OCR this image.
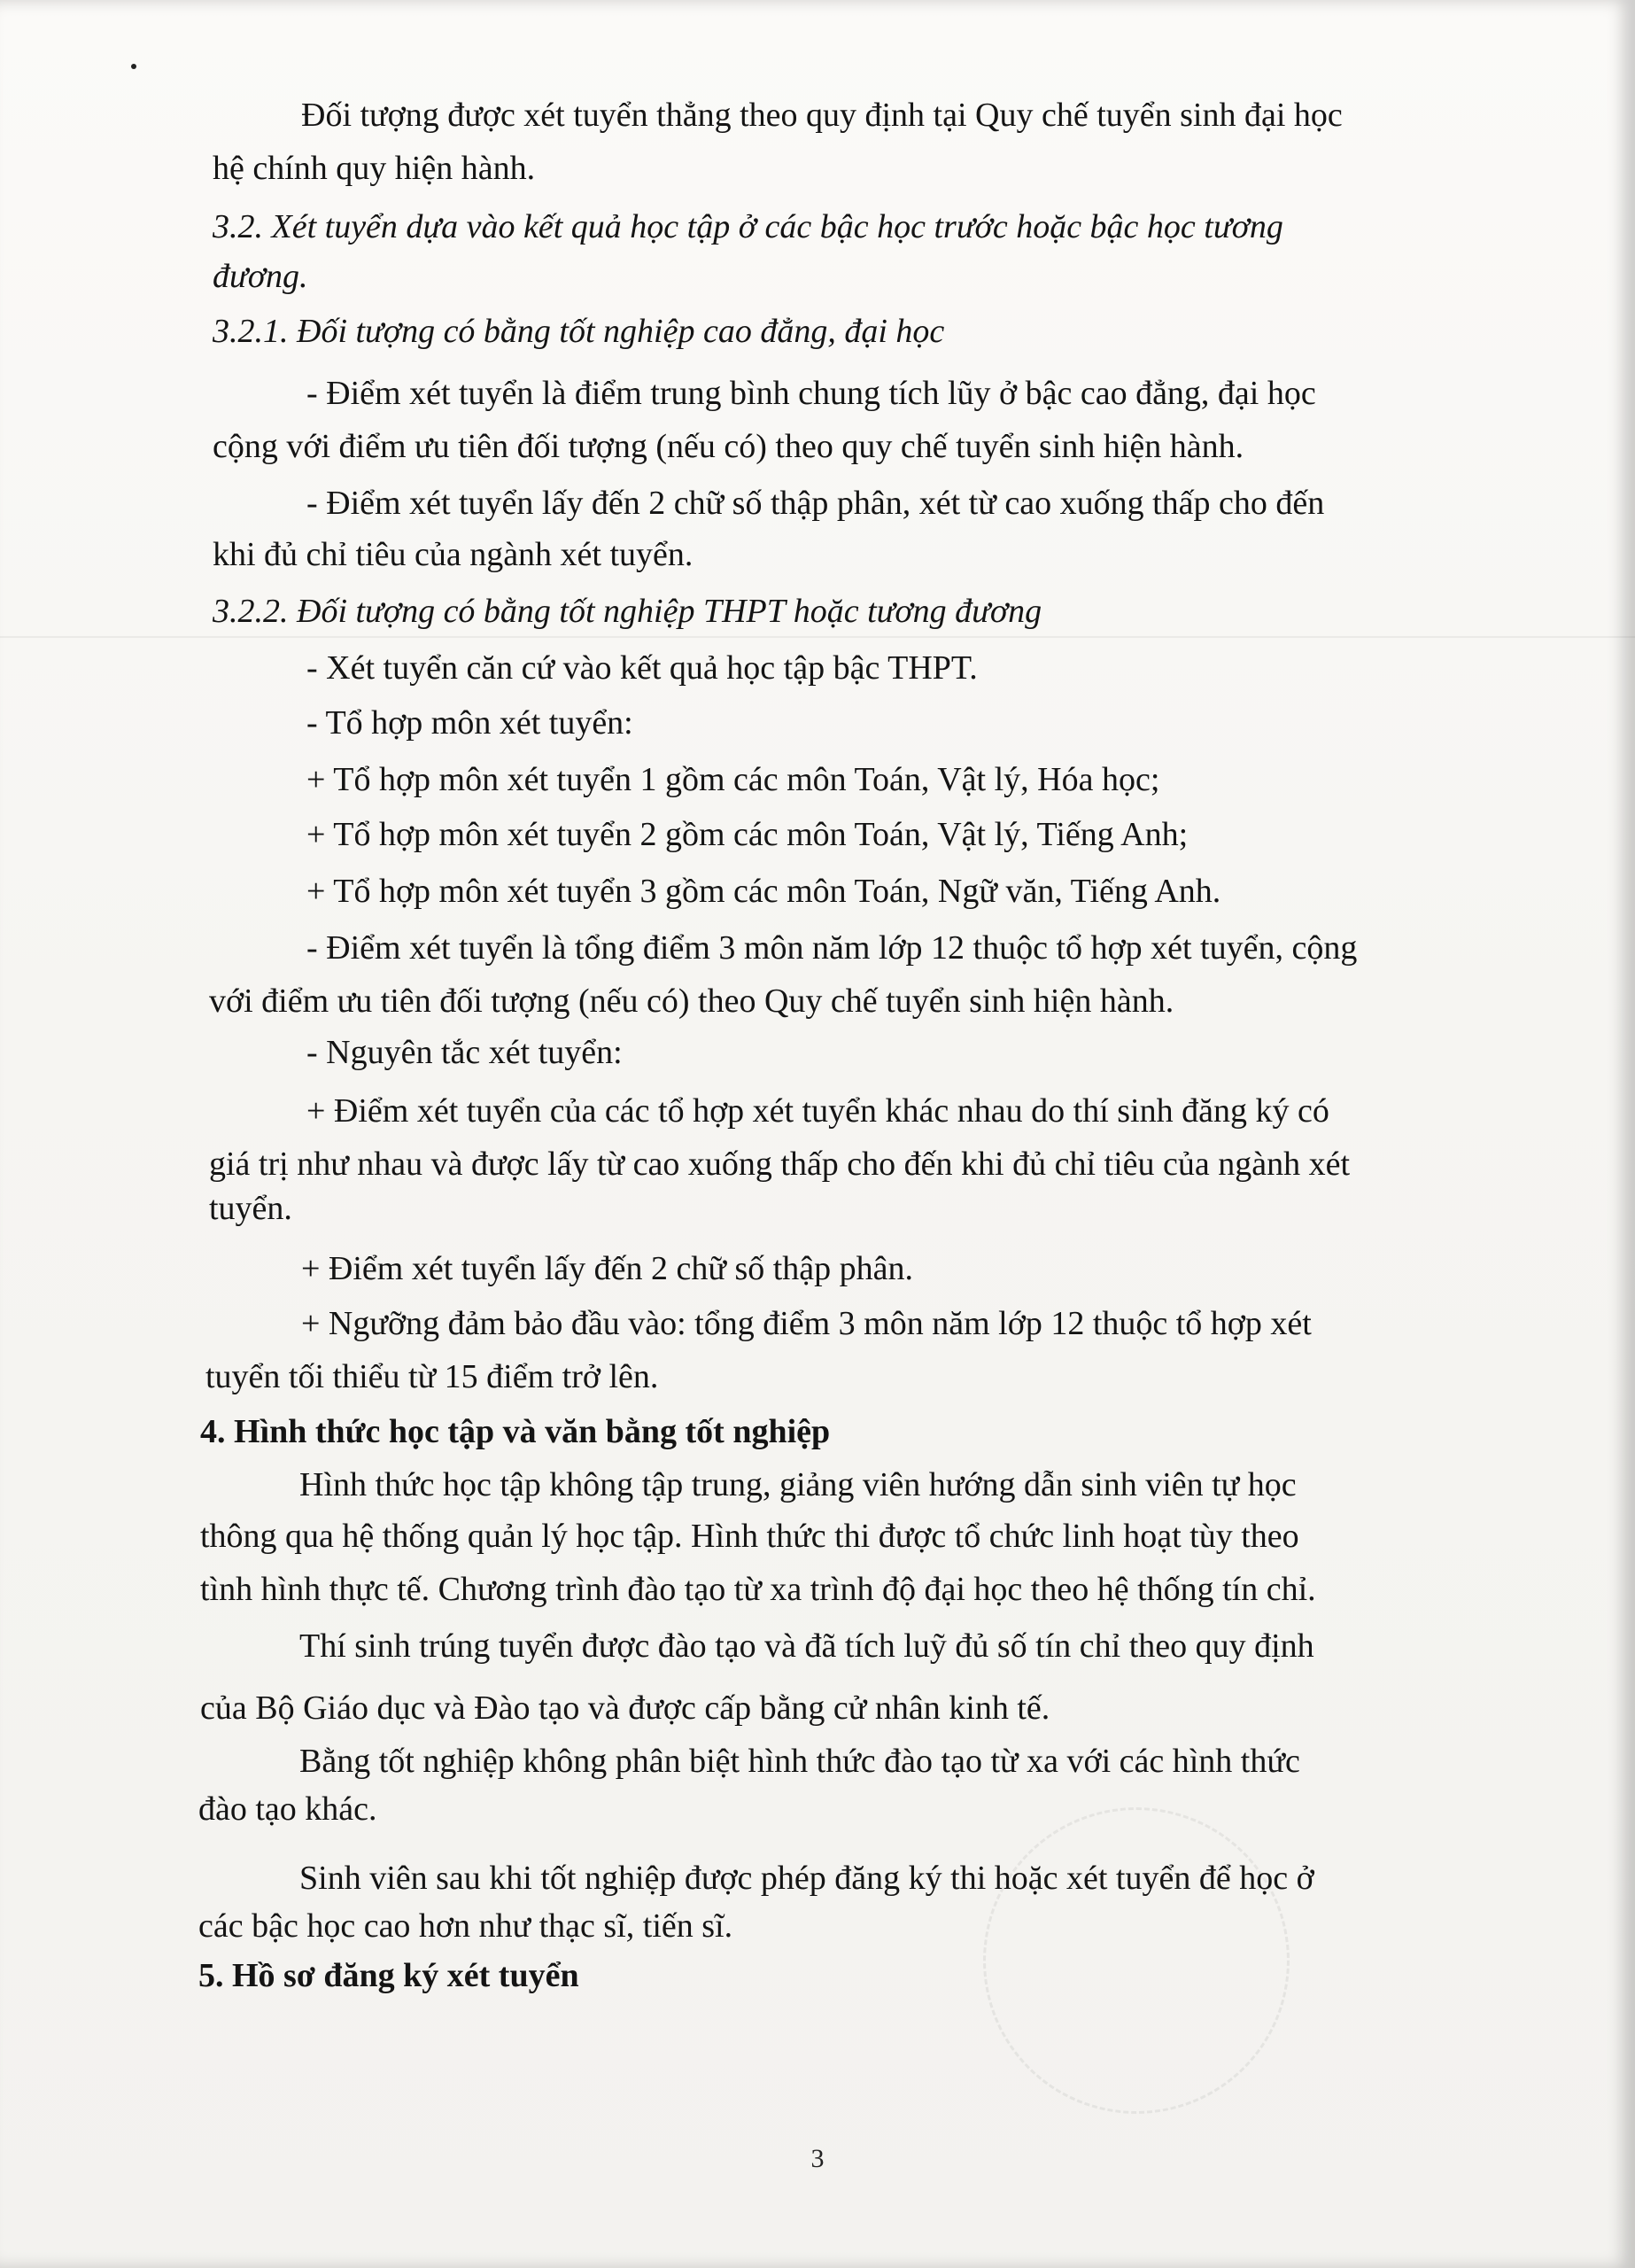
Đối tượng được xét tuyển thẳng theo quy định tại Quy chế tuyển sinh đại học

hệ chính quy hiện hành.

3.2. Xét tuyển dựa vào kết quả học tập ở các bậc học trước hoặc bậc học tương

đương.

3.2.1. Đối tượng có bằng tốt nghiệp cao đẳng, đại học

- Điểm xét tuyển là điểm trung bình chung tích lũy ở bậc cao đẳng, đại học

cộng với điểm ưu tiên đối tượng (nếu có) theo quy chế tuyển sinh hiện hành.

- Điểm xét tuyển lấy đến 2 chữ số thập phân, xét từ cao xuống thấp cho đến

khi đủ chỉ tiêu của ngành xét tuyển.

3.2.2. Đối tượng có bằng tốt nghiệp THPT hoặc tương đương

- Xét tuyển căn cứ vào kết quả học tập bậc THPT.

- Tổ hợp môn xét tuyển:

+ Tổ hợp môn xét tuyển 1 gồm các môn Toán, Vật lý, Hóa học;

+ Tổ hợp môn xét tuyển 2 gồm các môn Toán, Vật lý, Tiếng Anh;

+ Tổ hợp môn xét tuyển 3 gồm các môn Toán, Ngữ văn, Tiếng Anh.

- Điểm xét tuyển là tổng điểm 3 môn năm lớp 12 thuộc tổ hợp xét tuyển, cộng

với điểm ưu tiên đối tượng (nếu có) theo Quy chế tuyển sinh hiện hành.

- Nguyên tắc xét tuyển:

+ Điểm xét tuyển của các tổ hợp xét tuyển khác nhau do thí sinh đăng ký có

giá trị như nhau và được lấy từ cao xuống thấp cho đến khi đủ chỉ tiêu của ngành xét

tuyển.

+ Điểm xét tuyển lấy đến 2 chữ số thập phân.

+ Ngưỡng đảm bảo đầu vào: tổng điểm 3 môn năm lớp 12 thuộc tổ hợp xét

tuyển tối thiểu từ 15 điểm trở lên.

4. Hình thức học tập và văn bằng tốt nghiệp

Hình thức học tập không tập trung, giảng viên hướng dẫn sinh viên tự học

thông qua hệ thống quản lý học tập. Hình thức thi được tổ chức linh hoạt tùy theo

tình hình thực tế. Chương trình đào tạo từ xa trình độ đại học theo hệ thống tín chỉ.

Thí sinh trúng tuyển được đào tạo và đã tích luỹ đủ số tín chỉ theo quy định

của Bộ Giáo dục và Đào tạo và được cấp bằng cử nhân kinh tế.

Bằng tốt nghiệp không phân biệt hình thức đào tạo từ xa với các hình thức

đào tạo khác.

Sinh viên sau khi tốt nghiệp được phép đăng ký thi hoặc xét tuyển để học ở

các bậc học cao hơn như thạc sĩ, tiến sĩ.

5. Hồ sơ đăng ký xét tuyển

3
